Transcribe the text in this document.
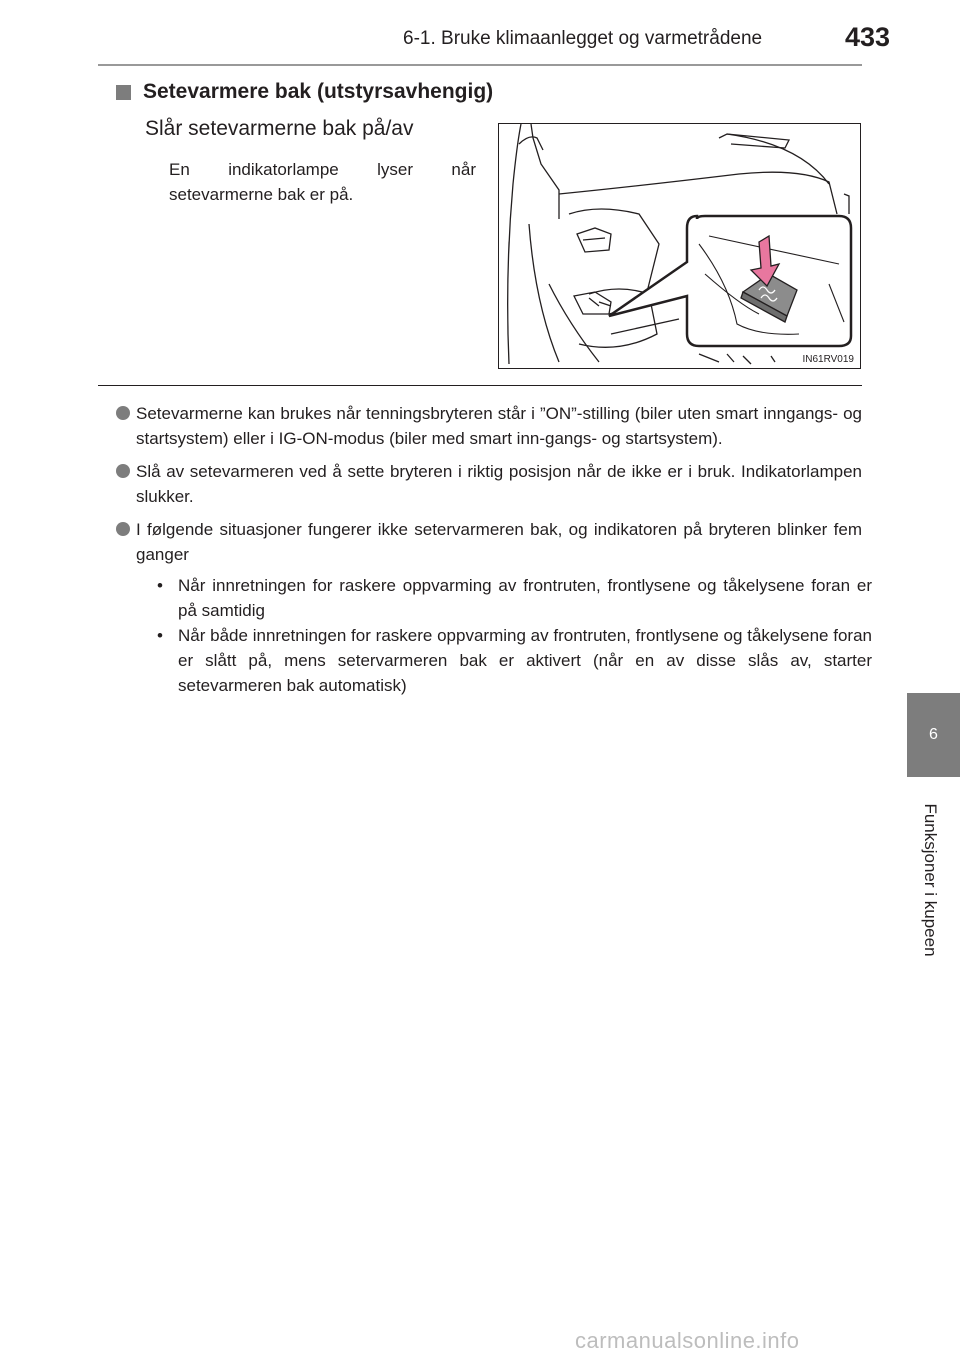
6-1. Bruke klimaanlegget og varmetrådene	433
Setevarmere bak (utstyrsavhengig)
Slår setevarmerne bak på/av
En indikatorlampe lyser når setevarmerne bak er på.
IN61RV019
Setevarmerne kan brukes når tenningsbryteren står i ”ON”-stilling (biler uten smart inngangs- og startsystem) eller i IG-ON-modus (biler med smart inn-gangs- og startsystem).
Slå av setevarmeren ved å sette bryteren i riktig posisjon når de ikke er i bruk. Indikatorlampen slukker.
I følgende situasjoner fungerer ikke setervarmeren bak, og indikatoren på bryteren blinker fem ganger
• Når innretningen for raskere oppvarming av frontruten, frontlysene og tåkelysene foran er på samtidig
• Når både innretningen for raskere oppvarming av frontruten, frontlysene og tåkelysene foran er slått på, mens setervarmeren bak er aktivert (når en av disse slås av, starter setevarmeren bak automatisk)
6
Funksjoner i kupeen
carmanualsonline.info
